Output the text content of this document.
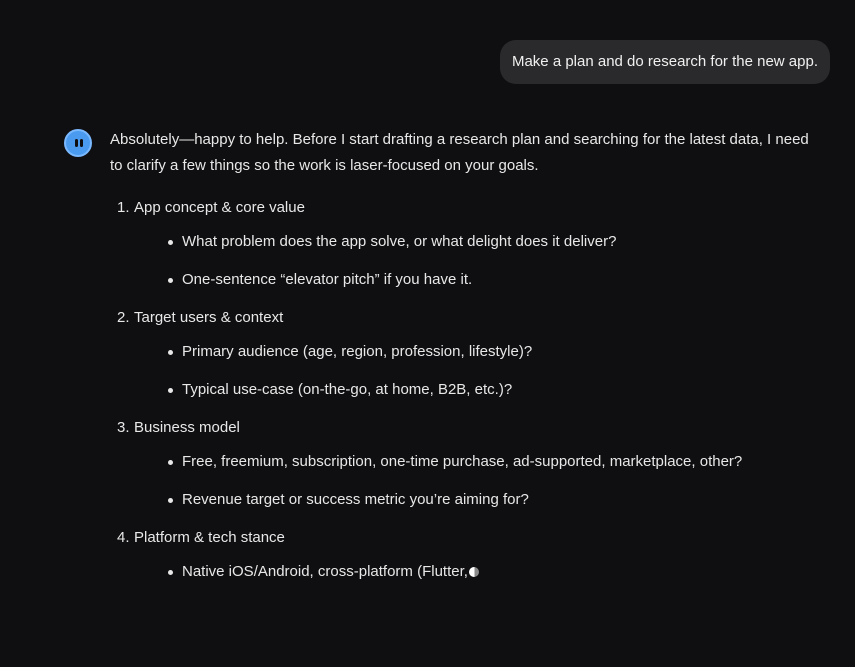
Make a plan and do research for the new app.

Absolutely—happy to help. Before I start drafting a research plan and searching for the latest data, I need to clarify a few things so the work is laser-focused on your goals.

1. App concept & core value
What problem does the app solve, or what delight does it deliver?
One-sentence “elevator pitch” if you have it.
2. Target users & context
Primary audience (age, region, profession, lifestyle)?
Typical use-case (on-the-go, at home, B2B, etc.)?
3. Business model
Free, freemium, subscription, one-time purchase, ad-supported, marketplace, other?
Revenue target or success metric you’re aiming for?
4. Platform & tech stance
Native iOS/Android, cross-platform (Flutter,
